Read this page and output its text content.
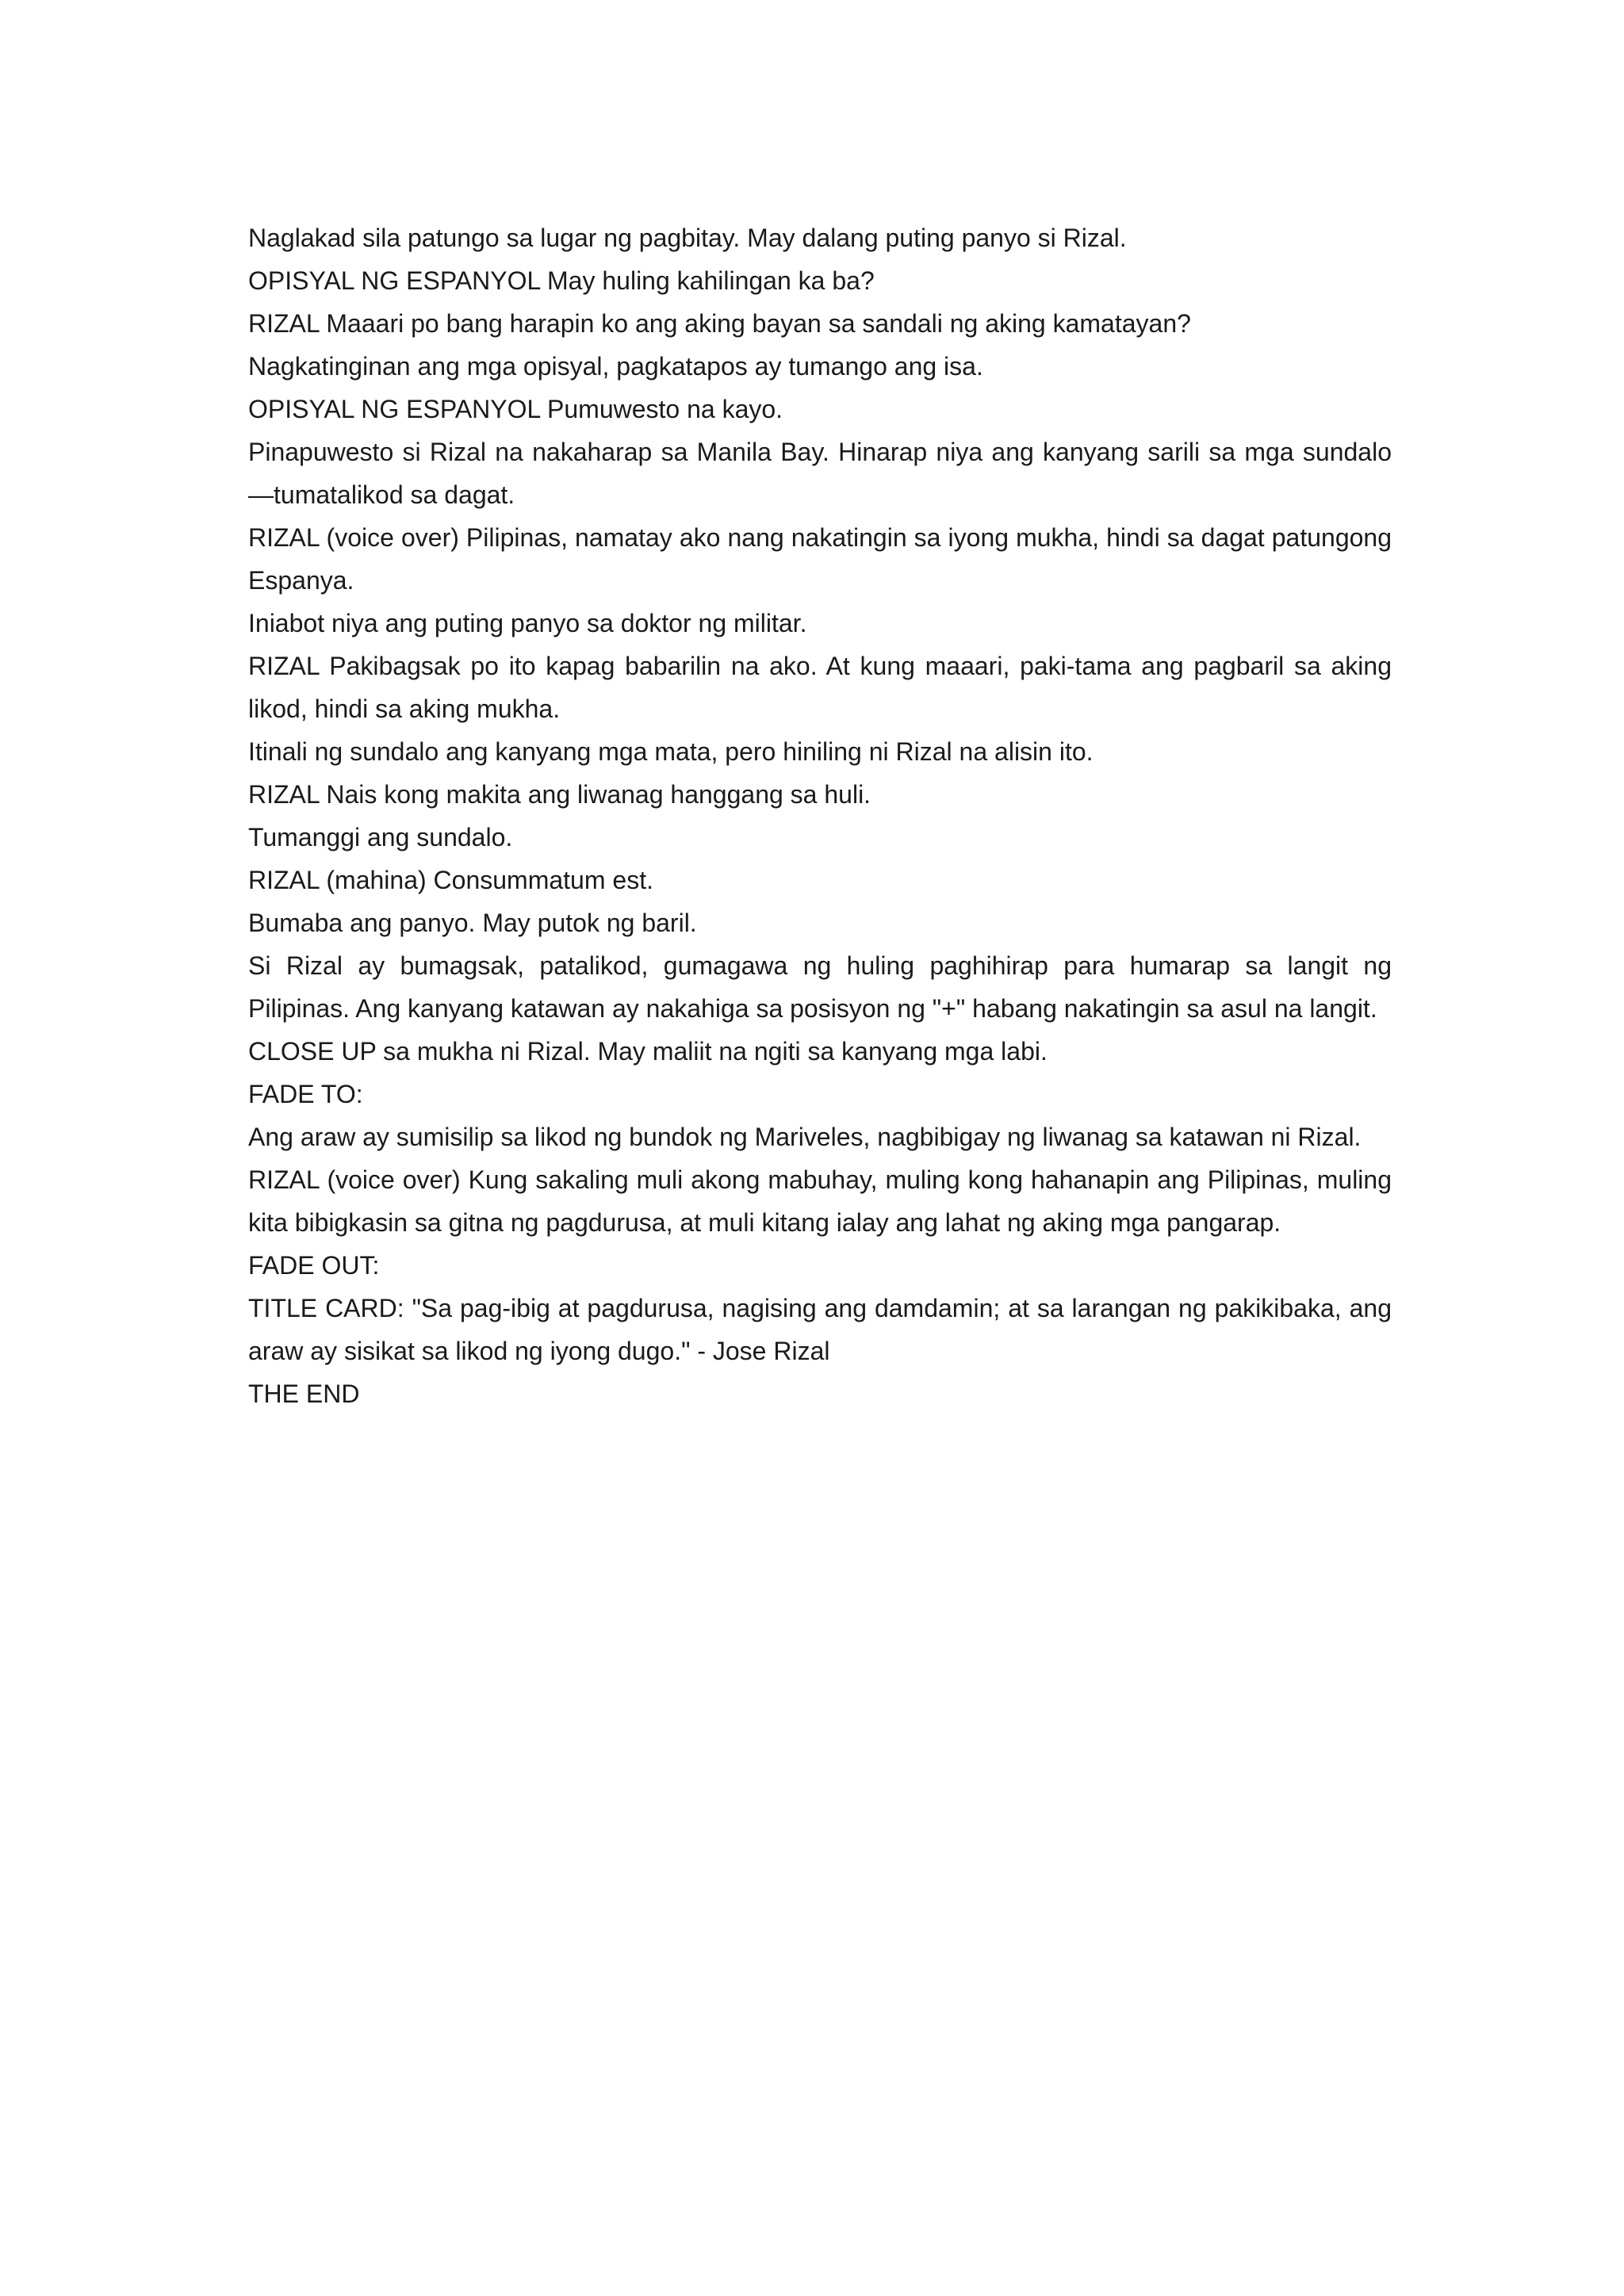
Naglakad sila patungo sa lugar ng pagbitay. May dalang puting panyo si Rizal.

OPISYAL NG ESPANYOL May huling kahilingan ka ba?

RIZAL Maaari po bang harapin ko ang aking bayan sa sandali ng aking kamatayan?

Nagkatinginan ang mga opisyal, pagkatapos ay tumango ang isa.

OPISYAL NG ESPANYOL Pumuwesto na kayo.

Pinapuwesto si Rizal na nakaharap sa Manila Bay. Hinarap niya ang kanyang sarili sa mga sundalo —tumatalikod sa dagat.

RIZAL (voice over) Pilipinas, namatay ako nang nakatingin sa iyong mukha, hindi sa dagat patungong Espanya.

Iniabot niya ang puting panyo sa doktor ng militar.

RIZAL Pakibagsak po ito kapag babarilin na ako. At kung maaari, paki-tama ang pagbaril sa aking likod, hindi sa aking mukha.

Itinali ng sundalo ang kanyang mga mata, pero hiniling ni Rizal na alisin ito.

RIZAL Nais kong makita ang liwanag hanggang sa huli.

Tumanggi ang sundalo.

RIZAL (mahina) Consummatum est.

Bumaba ang panyo. May putok ng baril.

Si Rizal ay bumagsak, patalikod, gumagawa ng huling paghihirap para humarap sa langit ng Pilipinas. Ang kanyang katawan ay nakahiga sa posisyon ng "+" habang nakatingin sa asul na langit.

CLOSE UP sa mukha ni Rizal. May maliit na ngiti sa kanyang mga labi.

FADE TO:

Ang araw ay sumisilip sa likod ng bundok ng Mariveles, nagbibigay ng liwanag sa katawan ni Rizal.

RIZAL (voice over) Kung sakaling muli akong mabuhay, muling kong hahanapin ang Pilipinas, muling kita bibigkasin sa gitna ng pagdurusa, at muli kitang ialay ang lahat ng aking mga pangarap.

FADE OUT:

TITLE CARD: "Sa pag-ibig at pagdurusa, nagising ang damdamin; at sa larangan ng pakikibaka, ang araw ay sisikat sa likod ng iyong dugo." - Jose Rizal

THE END
